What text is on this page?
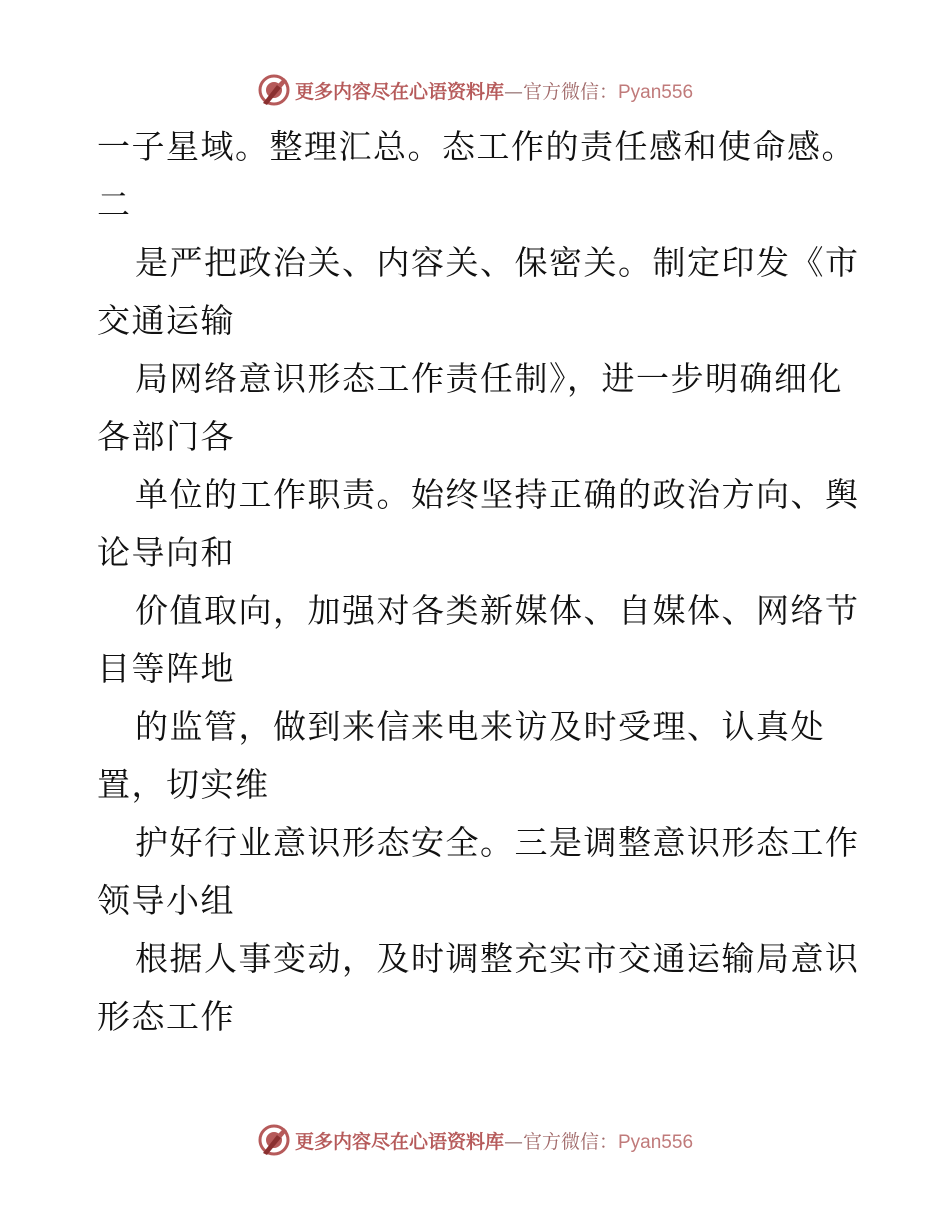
更多内容尽在心语资料库—官方微信：Pyan556
一子星域。整理汇总。态工作的责任感和使命感。
二
是严把政治关、内容关、保密关。制定印发《市
交通运输
局网络意识形态工作责任制》，进一步明确细化
各部门各
单位的工作职责。始终坚持正确的政治方向、舆
论导向和
价值取向，加强对各类新媒体、自媒体、网络节
目等阵地
的监管，做到来信来电来访及时受理、认真处
置，切实维
护好行业意识形态安全。三是调整意识形态工作
领导小组
根据人事变动，及时调整充实市交通运输局意识
形态工作
更多内容尽在心语资料库—官方微信：Pyan556
